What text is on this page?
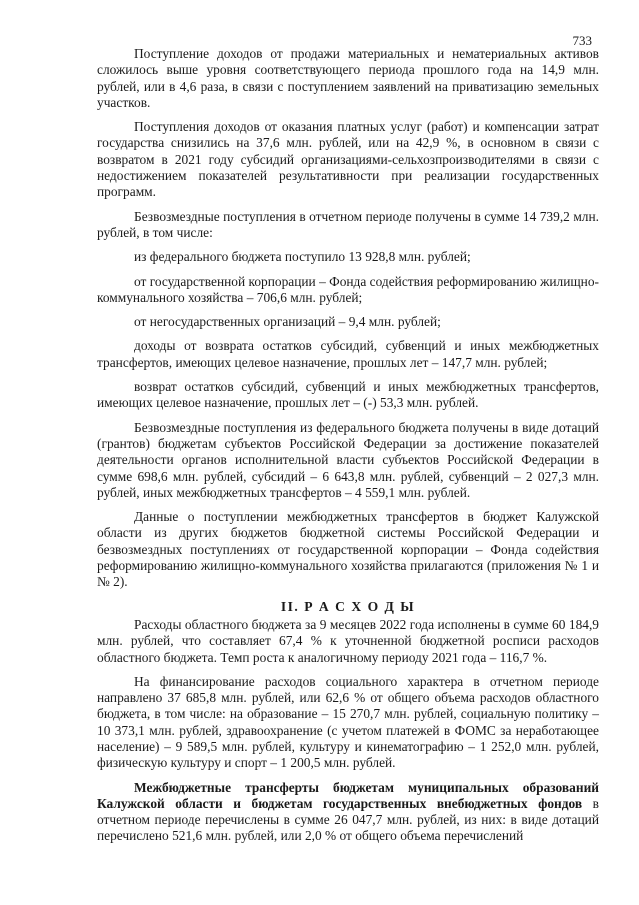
733

Поступление доходов от продажи материальных и нематериальных активов сложилось выше уровня соответствующего периода прошлого года на 14,9 млн. рублей, или в 4,6 раза, в связи с поступлением заявлений на приватизацию земельных участков.

Поступления доходов от оказания платных услуг (работ) и компенсации затрат государства снизились на 37,6 млн. рублей, или на 42,9 %, в основном в связи с возвратом в 2021 году субсидий организациями-сельхозпроизводителями в связи с недостижением показателей результативности при реализации государственных программ.

Безвозмездные поступления в отчетном периоде получены в сумме 14 739,2 млн. рублей, в том числе:

из федерального бюджета поступило 13 928,8 млн. рублей;

от государственной корпорации – Фонда содействия реформированию жилищно-коммунального хозяйства – 706,6 млн. рублей;

от негосударственных организаций – 9,4 млн. рублей;

доходы от возврата остатков субсидий, субвенций и иных межбюджетных трансфертов, имеющих целевое назначение, прошлых лет – 147,7 млн. рублей;

возврат остатков субсидий, субвенций и иных межбюджетных трансфертов, имеющих целевое назначение, прошлых лет – (-) 53,3 млн. рублей.

Безвозмездные поступления из федерального бюджета получены в виде дотаций (грантов) бюджетам субъектов Российской Федерации за достижение показателей деятельности органов исполнительной власти субъектов Российской Федерации в сумме 698,6 млн. рублей, субсидий – 6 643,8 млн. рублей, субвенций – 2 027,3 млн. рублей, иных межбюджетных трансфертов – 4 559,1 млн. рублей.

Данные о поступлении межбюджетных трансфертов в бюджет Калужской области из других бюджетов бюджетной системы Российской Федерации и безвозмездных поступлениях от государственной корпорации – Фонда содействия реформированию жилищно-коммунального хозяйства прилагаются (приложения № 1 и № 2).

II. Р А С Х О Д Ы

Расходы областного бюджета за 9 месяцев 2022 года исполнены в сумме 60 184,9 млн. рублей, что составляет 67,4 % к уточненной бюджетной росписи расходов областного бюджета. Темп роста к аналогичному периоду 2021 года – 116,7 %.

На финансирование расходов социального характера в отчетном периоде направлено 37 685,8 млн. рублей, или 62,6 % от общего объема расходов областного бюджета, в том числе: на образование – 15 270,7 млн. рублей, социальную политику – 10 373,1 млн. рублей, здравоохранение (с учетом платежей в ФОМС за неработающее население) – 9 589,5 млн. рублей, культуру и кинематографию – 1 252,0 млн. рублей, физическую культуру и спорт – 1 200,5 млн. рублей.

Межбюджетные трансферты бюджетам муниципальных образований Калужской области и бюджетам государственных внебюджетных фондов в отчетном периоде перечислены в сумме 26 047,7 млн. рублей, из них: в виде дотаций перечислено 521,6 млн. рублей, или 2,0 % от общего объема перечислений
